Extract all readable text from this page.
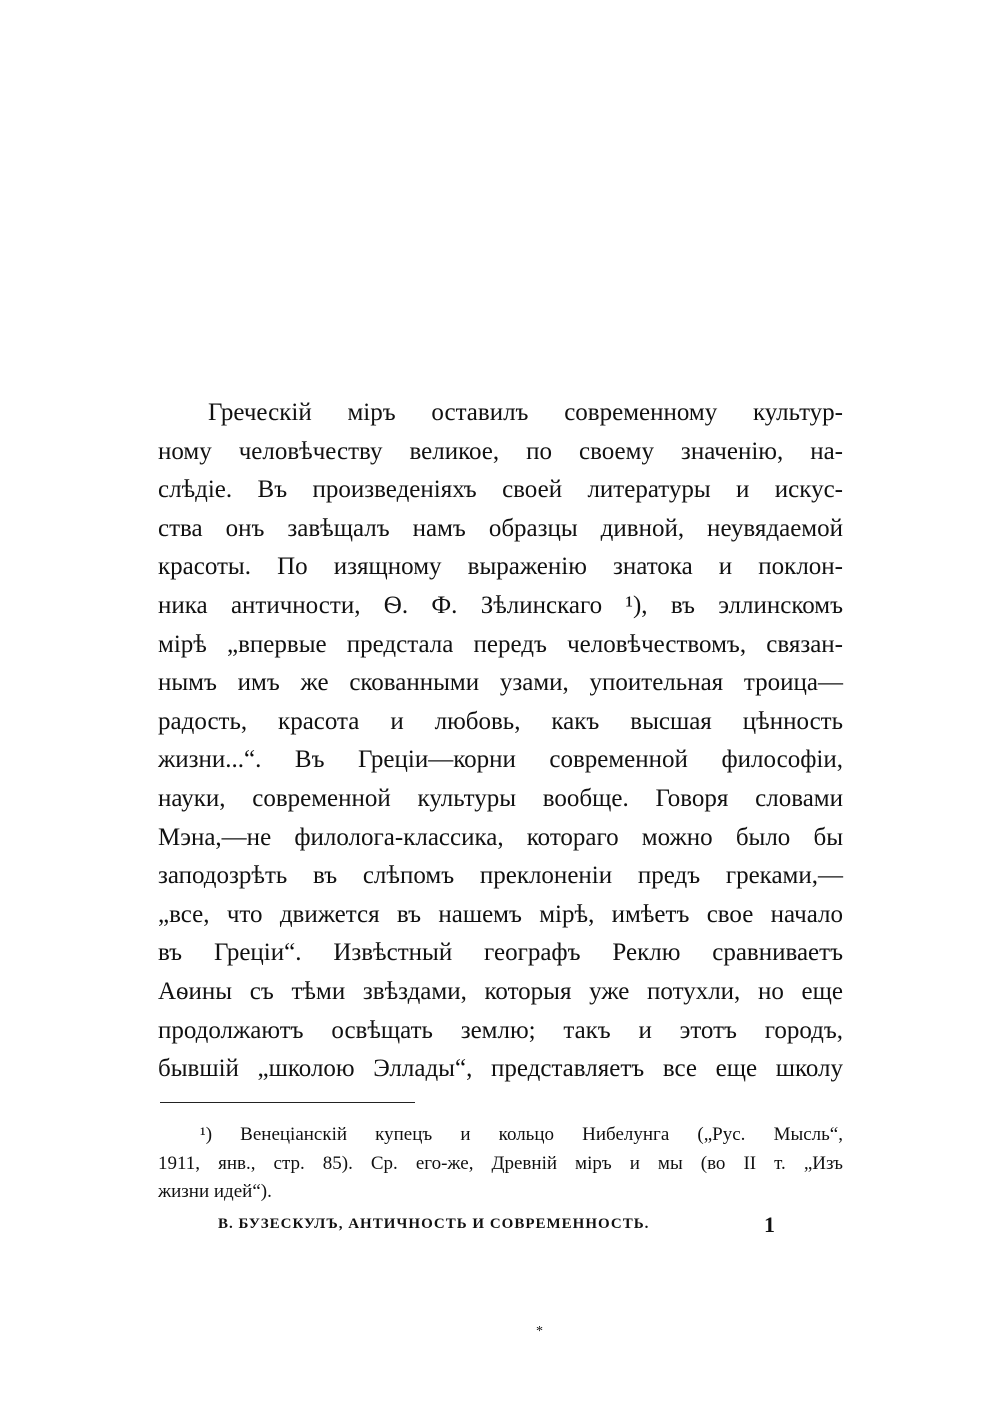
Греческій міръ оставилъ современному культур-
ному человѣчеству великое, по своему значенію, на-
слѣдіе. Въ произведеніяхъ своей литературы и искус-
ства онъ завѣщалъ намъ образцы дивной, неувядаемой
красоты. По изящному выраженію знатока и поклон-
ника античности, Ѳ. Ф. Зѣлинскаго ¹), въ эллинскомъ
мірѣ „впервые предстала передъ человѣчествомъ, связан-
нымъ имъ же скованными узами, упоительная троица—
радость, красота и любовь, какъ высшая цѣнность
жизни...“. Въ Греціи—корни современной философіи,
науки, современной культуры вообще. Говоря словами
Мэна,—не филолога-классика, котораго можно было бы
заподозрѣть въ слѣпомъ преклоненіи предъ греками,—
„все, что движется въ нашемъ мірѣ, имѣетъ свое начало
въ Греціи“. Извѣстный географъ Реклю сравниваетъ
Аѳины съ тѣми звѣздами, которыя уже потухли, но еще
продолжаютъ освѣщать землю; такъ и этотъ городъ,
бывшій „школою Эллады“, представляетъ все еще школу
¹) Венеціанскій купецъ и кольцо Нибелунга („Рус. Мысль“,
1911, янв., стр. 85). Ср. его-же, Древній міръ и мы (во II т. „Изъ
жизни идей“).
В. БУЗЕСКУЛЪ, АНТИЧНОСТЬ И СОВРЕМЕННОСТЬ.	1
*
